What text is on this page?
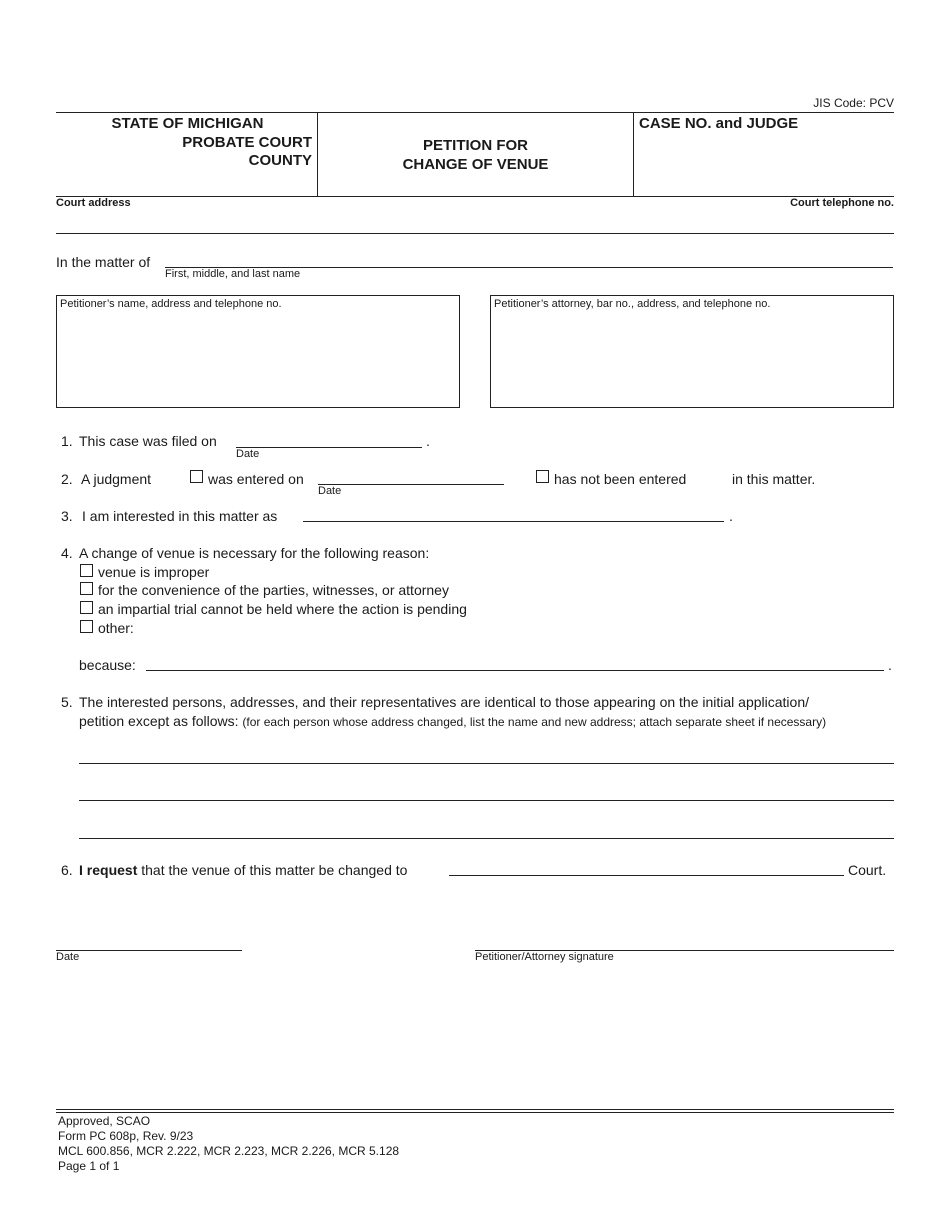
JIS Code: PCV
STATE OF MICHIGAN
PROBATE COURT
COUNTY
PETITION FOR
CHANGE OF VENUE
CASE NO. and JUDGE
Court address	Court telephone no.
In the matter of
First, middle, and last name
Petitioner’s name, address and telephone no.	Petitioner’s attorney, bar no., address, and telephone no.
1. This case was filed on
Date
.
2. A judgment	was entered on
Date
has not been entered	in this matter.
3. I am interested in this matter as	.
4. A change of venue is necessary for the following reason:
venue is improper
for the convenience of the parties, witnesses, or attorney
an impartial trial cannot be held where the action is pending
other:
because:	.
5. The interested persons, addresses, and their representatives are identical to those appearing on the initial application/
petition except as follows: (for each person whose address changed, list the name and new address; attach separate sheet if necessary)
6. I request that the venue of this matter be changed to	Court.
Date	Petitioner/Attorney signature
Approved, SCAO
Form PC 608p, Rev. 9/23
MCL 600.856, MCR 2.222, MCR 2.223, MCR 2.226, MCR 5.128
Page 1 of 1
